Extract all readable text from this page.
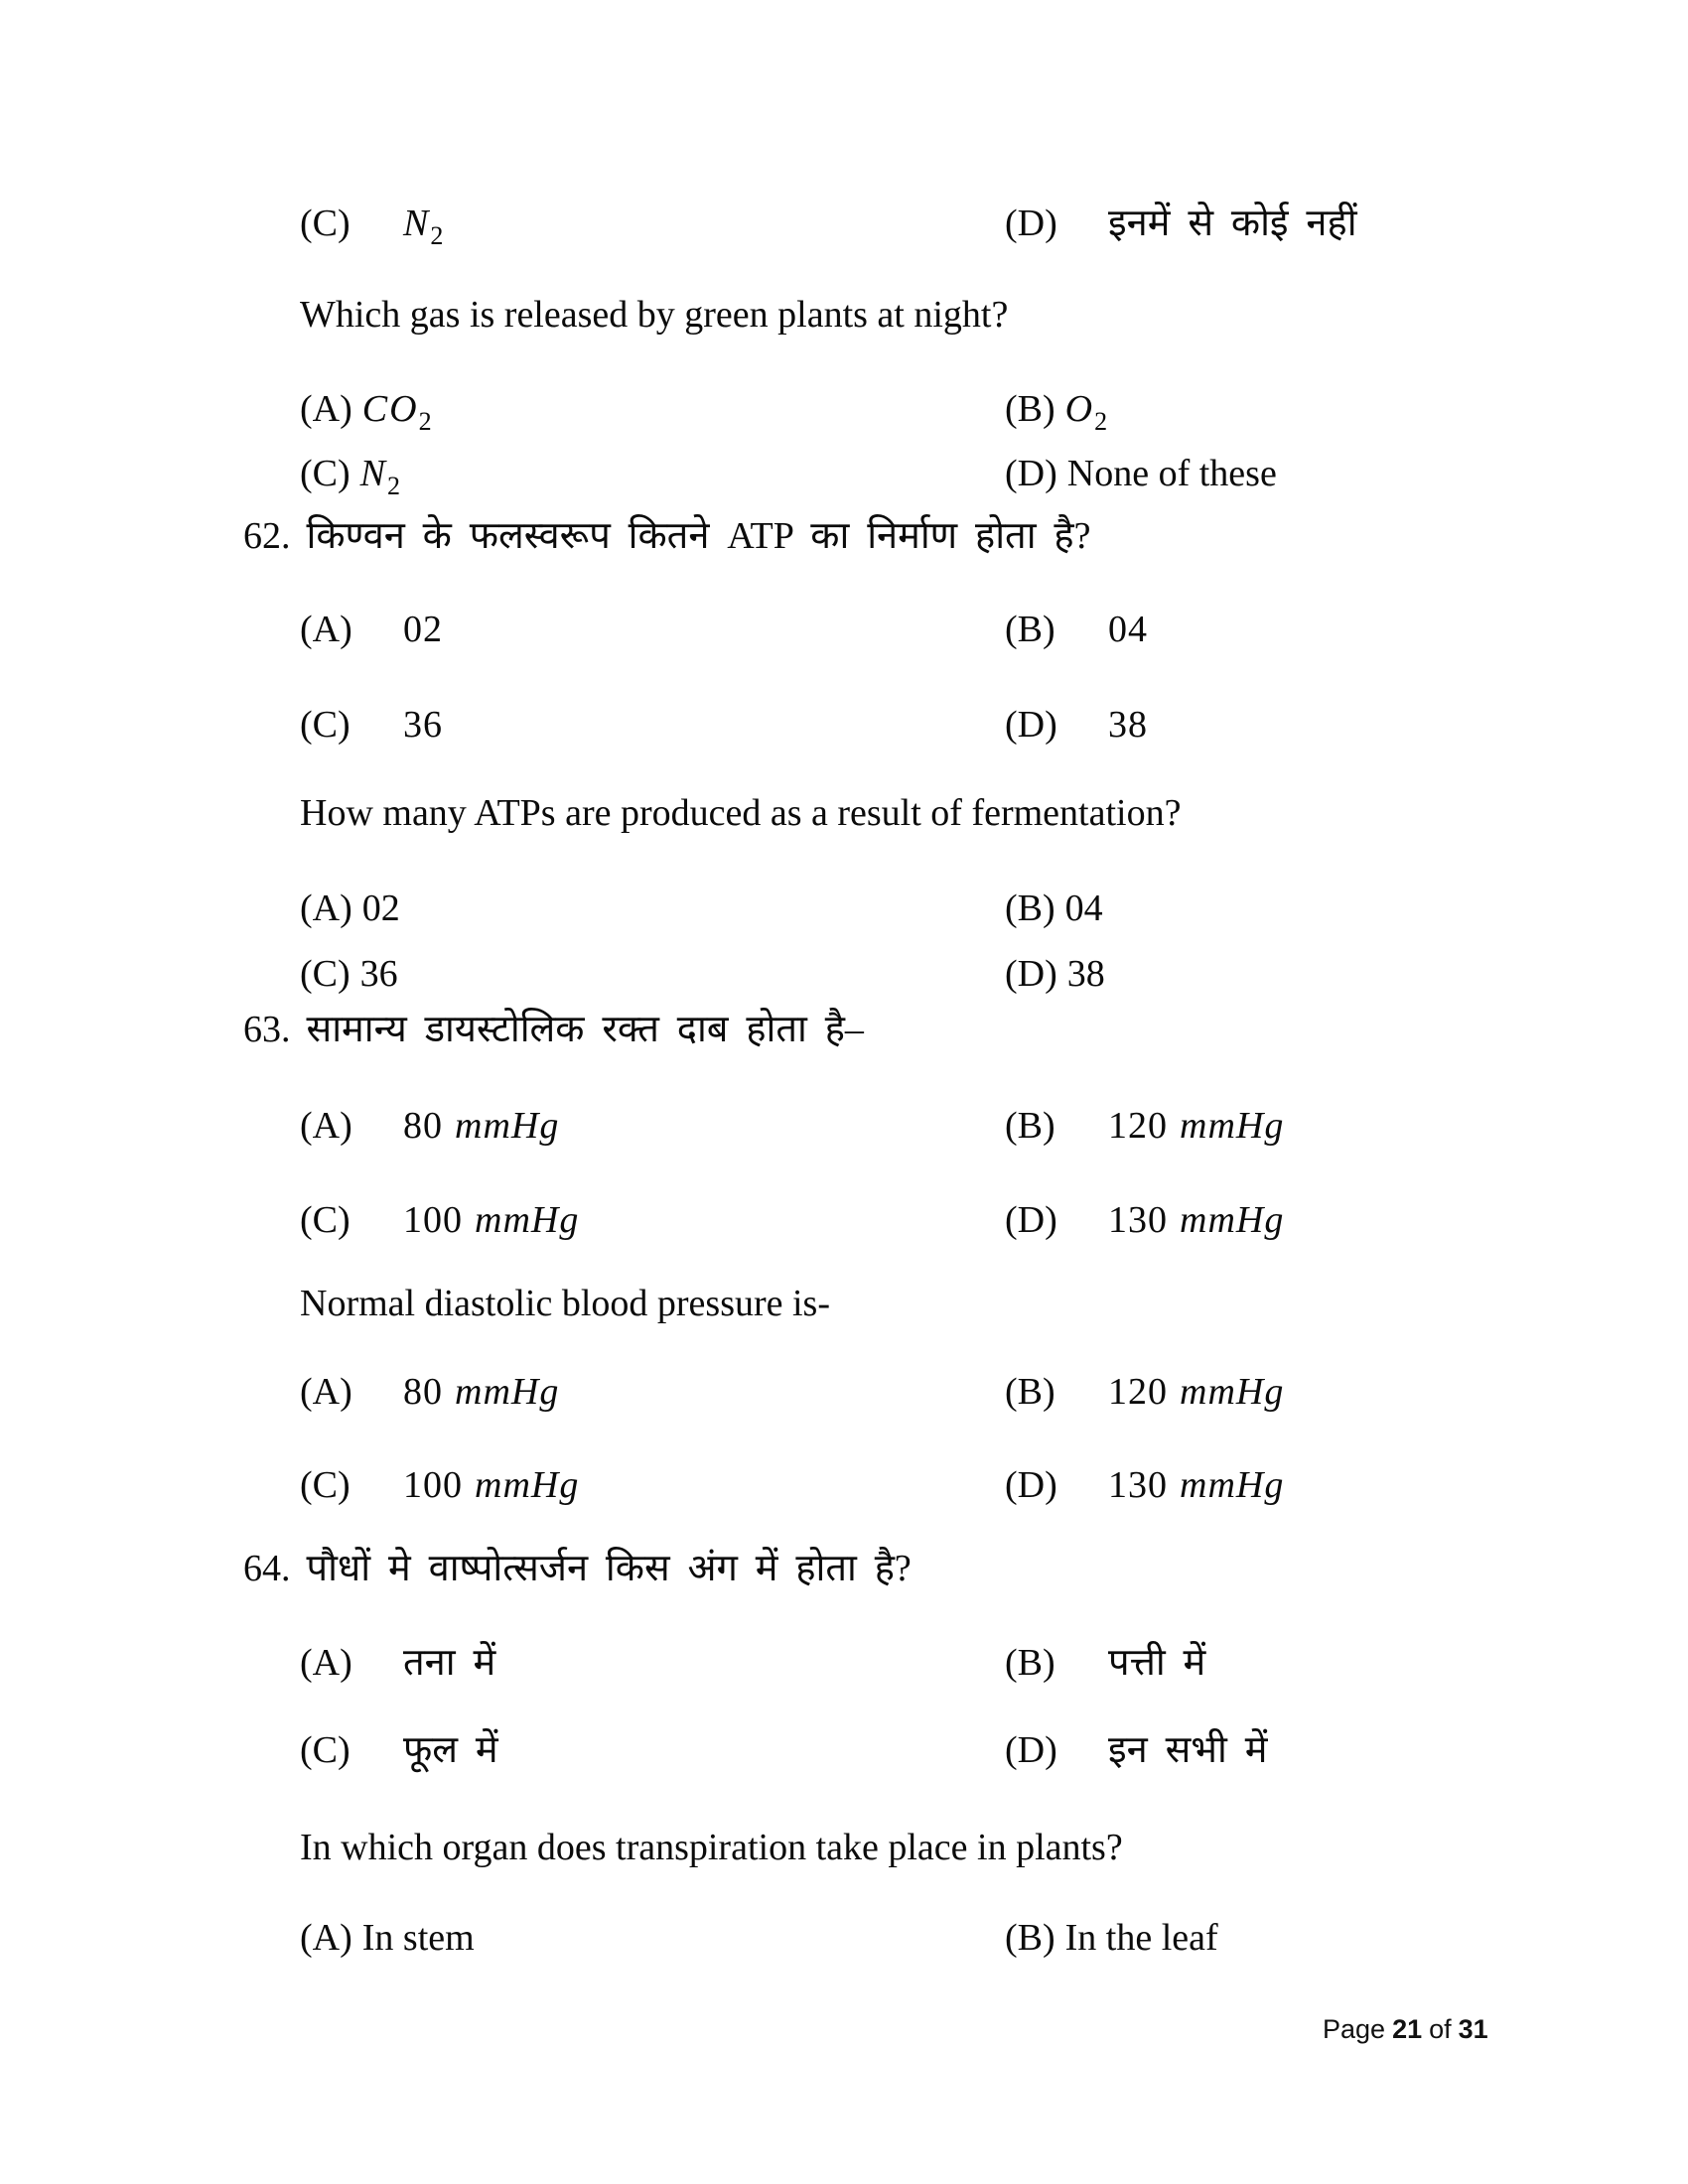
(C) $N_2$	(D) इनमें से कोई नहीं
Which gas is released by green plants at night?
(A) $CO_2$	(B) $O_2$
(C) $N_2$	(D) None of these
62. किण्वन के फलस्वरूप कितने ATP का निर्माण होता है?
(A) 02	(B) 04
(C) 36	(D) 38
How many ATPs are produced as a result of fermentation?
(A) 02	(B) 04
(C) 36	(D) 38
63. सामान्य डायस्टोलिक रक्त दाब होता है–
(A) 80 mmHg	(B) 120 mmHg
(C) 100 mmHg	(D) 130 mmHg
Normal diastolic blood pressure is-
(A) 80 mmHg	(B) 120 mmHg
(C) 100 mmHg	(D) 130 mmHg
64. पौधों मे वाष्पोत्सर्जन किस अंग में होता है?
(A) तना में	(B) पत्ती में
(C) फूल में	(D) इन सभी में
In which organ does transpiration take place in plants?
(A) In stem	(B) In the leaf
Page 21 of 31
